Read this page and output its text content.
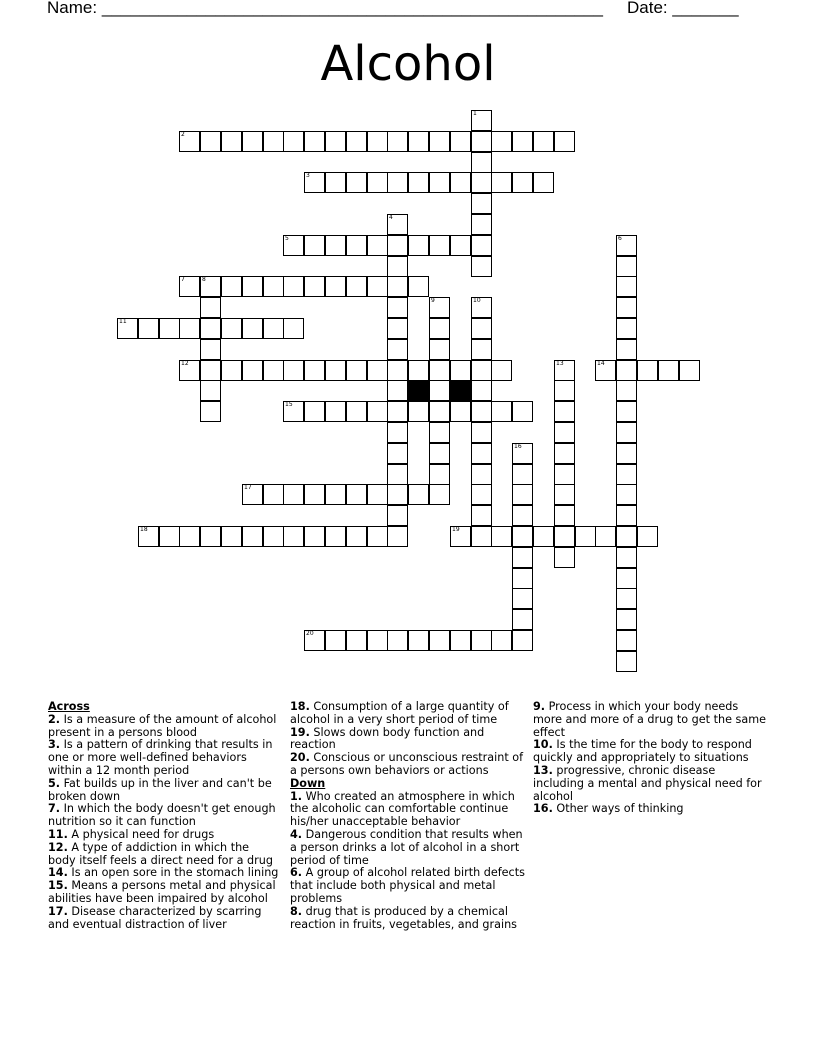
Name: _____________________________________________________ Date: _______
Alcohol
1
2
3
4
5	6
7	8
9	10
11
12	13	14
15
16
17
18	19
20
Across
2. Is a measure of the amount of alcohol present in a persons blood
3. Is a pattern of drinking that results in one or more well-defined behaviors within a 12 month period
5. Fat builds up in the liver and can't be broken down
7. In which the body doesn't get enough nutrition so it can function
11. A physical need for drugs
12. A type of addiction in which the body itself feels a direct need for a drug
14. Is an open sore in the stomach lining
15. Means a persons metal and physical abilities have been impaired by alcohol
17. Disease characterized by scarring and eventual distraction of liver
18. Consumption of a large quantity of alcohol in a very short period of time
19. Slows down body function and reaction
20. Conscious or unconscious restraint of a persons own behaviors or actions
Down
1. Who created an atmosphere in which the alcoholic can comfortable continue his/her unacceptable behavior
4. Dangerous condition that results when a person drinks a lot of alcohol in a short period of time
6. A group of alcohol related birth defects that include both physical and metal problems
8. drug that is produced by a chemical reaction in fruits, vegetables, and grains
9. Process in which your body needs more and more of a drug to get the same effect
10. Is the time for the body to respond quickly and appropriately to situations
13. progressive, chronic disease including a mental and physical need for alcohol
16. Other ways of thinking
